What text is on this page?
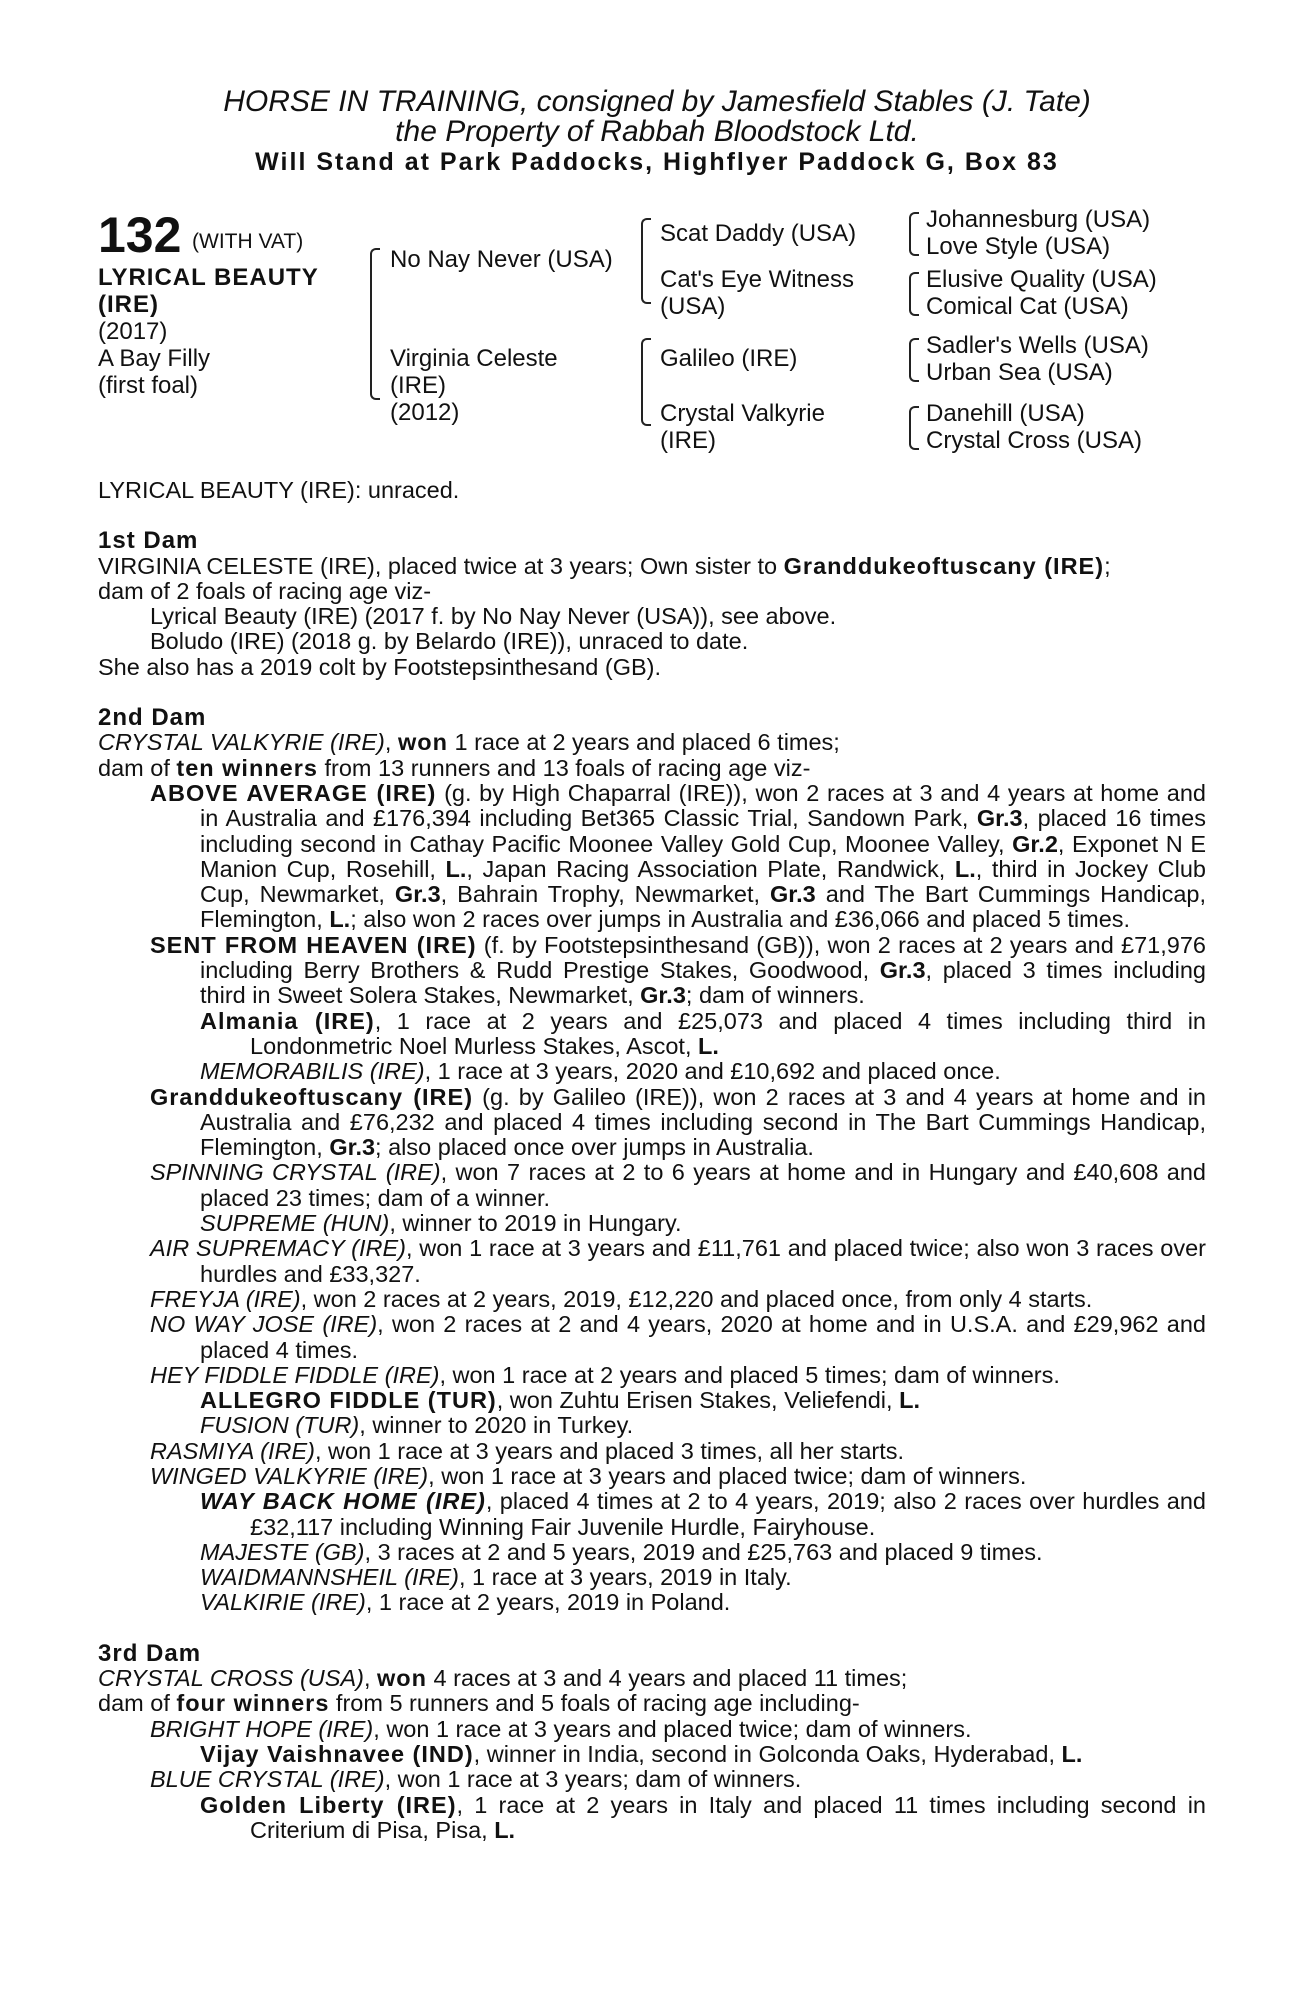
HORSE IN TRAINING, consigned by Jamesfield Stables (J. Tate)
the Property of Rabbah Bloodstock Ltd.
Will Stand at Park Paddocks, Highflyer Paddock G, Box 83
132 (WITH VAT)
LYRICAL BEAUTY
(IRE)
(2017)
A Bay Filly
(first foal)
No Nay Never (USA)
Virginia Celeste
(IRE)
(2012)
Scat Daddy (USA)
Cat's Eye Witness
(USA)
Galileo (IRE)
Crystal Valkyrie
(IRE)
Johannesburg (USA)
Love Style (USA)
Elusive Quality (USA)
Comical Cat (USA)
Sadler's Wells (USA)
Urban Sea (USA)
Danehill (USA)
Crystal Cross (USA)

LYRICAL BEAUTY (IRE): unraced.

1st Dam

VIRGINIA CELESTE (IRE), placed twice at 3 years; Own sister to Granddukeoftuscany (IRE);

dam of 2 foals of racing age viz-

Lyrical Beauty (IRE) (2017 f. by No Nay Never (USA)), see above.

Boludo (IRE) (2018 g. by Belardo (IRE)), unraced to date.

She also has a 2019 colt by Footstepsinthesand (GB).

2nd Dam

CRYSTAL VALKYRIE (IRE), won 1 race at 2 years and placed 6 times;

dam of ten winners from 13 runners and 13 foals of racing age viz-

ABOVE AVERAGE (IRE) (g. by High Chaparral (IRE)), won 2 races at 3 and 4 years at home and in Australia and £176,394 including Bet365 Classic Trial, Sandown Park, Gr.3, placed 16 times including second in Cathay Pacific Moonee Valley Gold Cup, Moonee Valley, Gr.2, Exponet N E Manion Cup, Rosehill, L., Japan Racing Association Plate, Randwick, L., third in Jockey Club Cup, Newmarket, Gr.3, Bahrain Trophy, Newmarket, Gr.3 and The Bart Cummings Handicap, Flemington, L.; also won 2 races over jumps in Australia and £36,066 and placed 5 times.

SENT FROM HEAVEN (IRE) (f. by Footstepsinthesand (GB)), won 2 races at 2 years and £71,976 including Berry Brothers & Rudd Prestige Stakes, Goodwood, Gr.3, placed 3 times including third in Sweet Solera Stakes, Newmarket, Gr.3; dam of winners.

Almania (IRE), 1 race at 2 years and £25,073 and placed 4 times including third in Londonmetric Noel Murless Stakes, Ascot, L.

MEMORABILIS (IRE), 1 race at 3 years, 2020 and £10,692 and placed once.

Granddukeoftuscany (IRE) (g. by Galileo (IRE)), won 2 races at 3 and 4 years at home and in Australia and £76,232 and placed 4 times including second in The Bart Cummings Handicap, Flemington, Gr.3; also placed once over jumps in Australia.

SPINNING CRYSTAL (IRE), won 7 races at 2 to 6 years at home and in Hungary and £40,608 and placed 23 times; dam of a winner.

SUPREME (HUN), winner to 2019 in Hungary.

AIR SUPREMACY (IRE), won 1 race at 3 years and £11,761 and placed twice; also won 3 races over hurdles and £33,327.

FREYJA (IRE), won 2 races at 2 years, 2019, £12,220 and placed once, from only 4 starts.

NO WAY JOSE (IRE), won 2 races at 2 and 4 years, 2020 at home and in U.S.A. and £29,962 and placed 4 times.

HEY FIDDLE FIDDLE (IRE), won 1 race at 2 years and placed 5 times; dam of winners.

ALLEGRO FIDDLE (TUR), won Zuhtu Erisen Stakes, Veliefendi, L.

FUSION (TUR), winner to 2020 in Turkey.

RASMIYA (IRE), won 1 race at 3 years and placed 3 times, all her starts.

WINGED VALKYRIE (IRE), won 1 race at 3 years and placed twice; dam of winners.

WAY BACK HOME (IRE), placed 4 times at 2 to 4 years, 2019; also 2 races over hurdles and £32,117 including Winning Fair Juvenile Hurdle, Fairyhouse.

MAJESTE (GB), 3 races at 2 and 5 years, 2019 and £25,763 and placed 9 times.

WAIDMANNSHEIL (IRE), 1 race at 3 years, 2019 in Italy.

VALKIRIE (IRE), 1 race at 2 years, 2019 in Poland.

3rd Dam

CRYSTAL CROSS (USA), won 4 races at 3 and 4 years and placed 11 times;

dam of four winners from 5 runners and 5 foals of racing age including-

BRIGHT HOPE (IRE), won 1 race at 3 years and placed twice; dam of winners.

Vijay Vaishnavee (IND), winner in India, second in Golconda Oaks, Hyderabad, L.

BLUE CRYSTAL (IRE), won 1 race at 3 years; dam of winners.

Golden Liberty (IRE), 1 race at 2 years in Italy and placed 11 times including second in Criterium di Pisa, Pisa, L.
